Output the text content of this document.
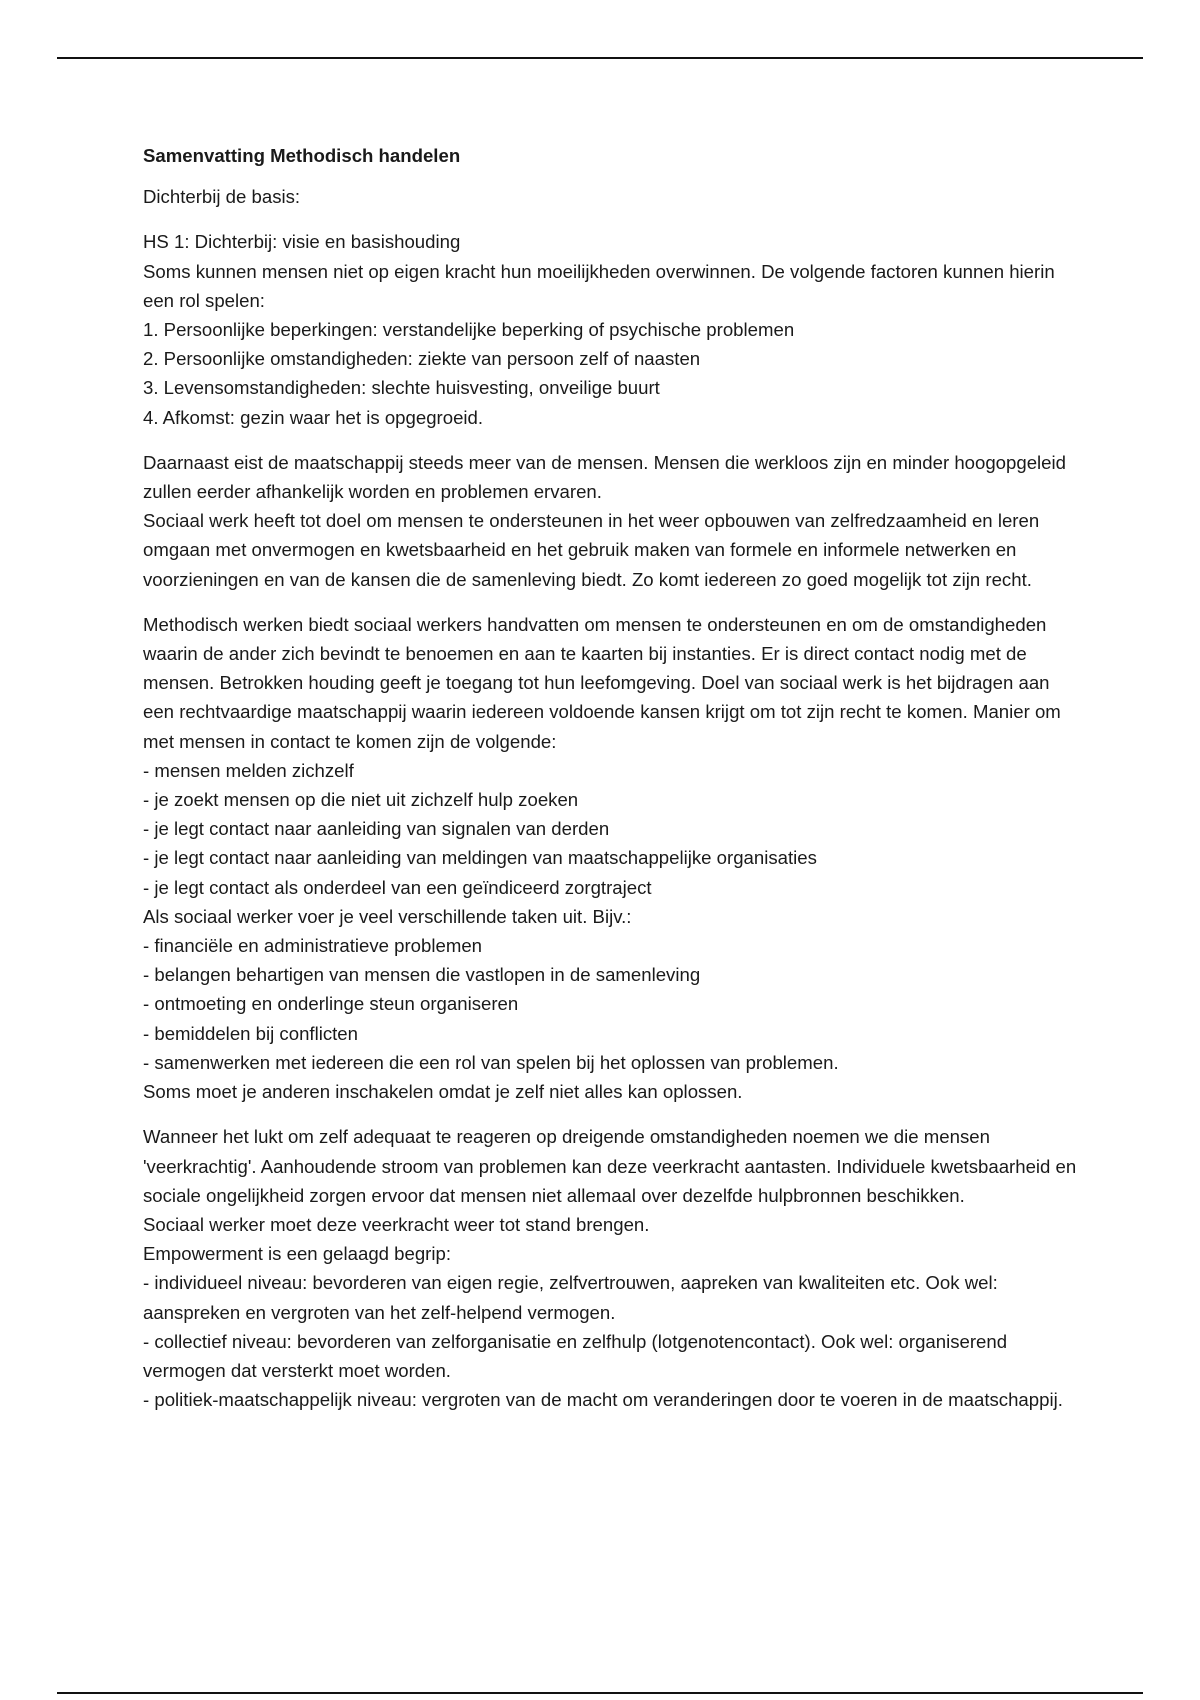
Samenvatting Methodisch handelen

Dichterbij de basis:

HS 1: Dichterbij: visie en basishouding
Soms kunnen mensen niet op eigen kracht hun moeilijkheden overwinnen. De volgende factoren kunnen hierin een rol spelen:
1. Persoonlijke beperkingen: verstandelijke beperking of psychische problemen
2. Persoonlijke omstandigheden: ziekte van persoon zelf of naasten
3. Levensomstandigheden: slechte huisvesting, onveilige buurt
4. Afkomst: gezin waar het is opgegroeid.

Daarnaast eist de maatschappij steeds meer van de mensen. Mensen die werkloos zijn en minder hoogopgeleid zullen eerder afhankelijk worden en problemen ervaren.
Sociaal werk heeft tot doel om mensen te ondersteunen in het weer opbouwen van zelfredzaamheid en leren omgaan met onvermogen en kwetsbaarheid en het gebruik maken van formele en informele netwerken en voorzieningen en van de kansen die de samenleving biedt. Zo komt iedereen zo goed mogelijk tot zijn recht.

Methodisch werken biedt sociaal werkers handvatten om mensen te ondersteunen en om de omstandigheden waarin de ander zich bevindt te benoemen en aan te kaarten bij instanties. Er is direct contact nodig met de mensen. Betrokken houding geeft je toegang tot hun leefomgeving. Doel van sociaal werk is het bijdragen aan een rechtvaardige maatschappij waarin iedereen voldoende kansen krijgt om tot zijn recht te komen. Manier om met mensen in contact te komen zijn de volgende:
- mensen melden zichzelf
- je zoekt mensen op die niet uit zichzelf hulp zoeken
- je legt contact naar aanleiding van signalen van derden
- je legt contact naar aanleiding van meldingen van maatschappelijke organisaties
- je legt contact als onderdeel van een geïndiceerd zorgtraject
Als sociaal werker voer je veel verschillende taken uit. Bijv.:
- financiële en administratieve problemen
- belangen behartigen van mensen die vastlopen in de samenleving
- ontmoeting en onderlinge steun organiseren
- bemiddelen bij conflicten
- samenwerken met iedereen die een rol van spelen bij het oplossen van problemen.
Soms moet je anderen inschakelen omdat je zelf niet alles kan oplossen.

Wanneer het lukt om zelf adequaat te reageren op dreigende omstandigheden noemen we die mensen 'veerkrachtig'. Aanhoudende stroom van problemen kan deze veerkracht aantasten. Individuele kwetsbaarheid en sociale ongelijkheid zorgen ervoor dat mensen niet allemaal over dezelfde hulpbronnen beschikken.
Sociaal werker moet deze veerkracht weer tot stand brengen.
Empowerment is een gelaagd begrip:
- individueel niveau: bevorderen van eigen regie, zelfvertrouwen, aapreken van kwaliteiten etc. Ook wel: aanspreken en vergroten van het zelf-helpend vermogen.
- collectief niveau: bevorderen van zelforganisatie en zelfhulp (lotgenotencontact). Ook wel: organiserend vermogen dat versterkt moet worden.
- politiek-maatschappelijk niveau: vergroten van de macht om veranderingen door te voeren in de maatschappij.
